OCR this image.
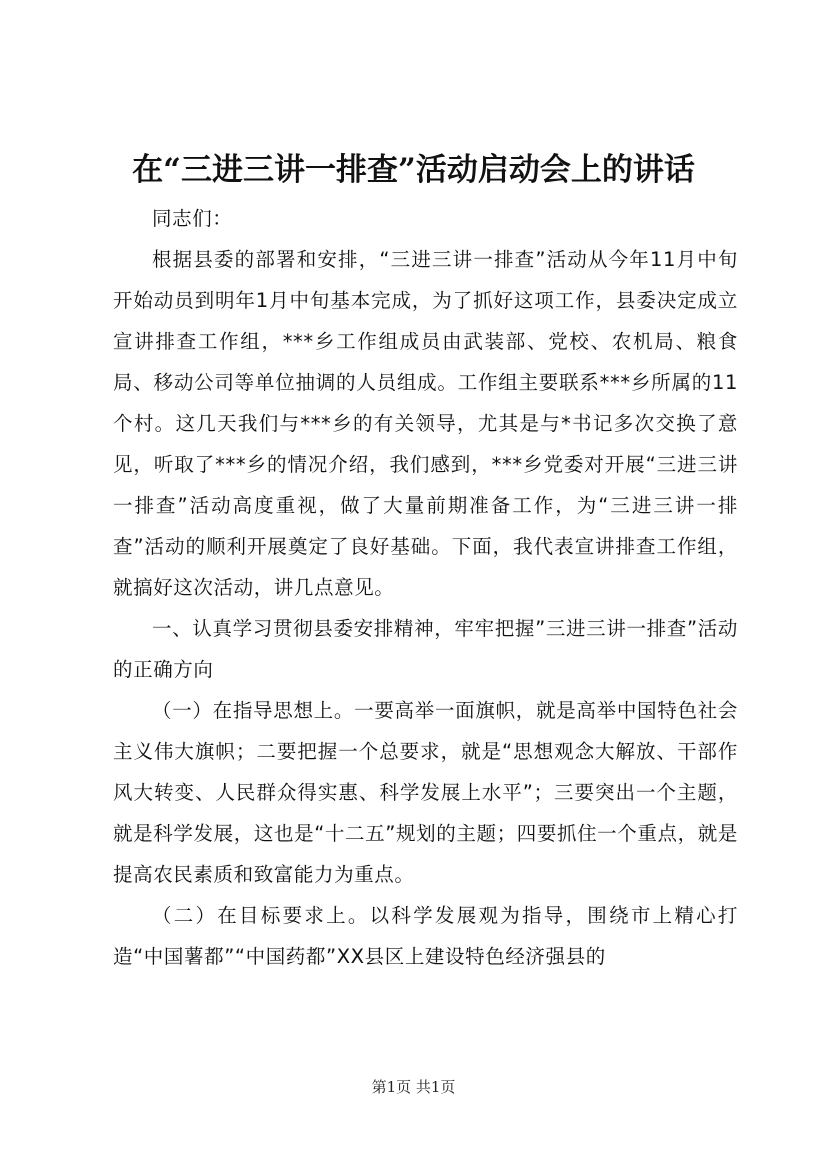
在“三进三讲一排查”活动启动会上的讲话

同志们：

根据县委的部署和安排，“三进三讲一排查”活动从今年11月中旬开始动员到明年1月中旬基本完成，为了抓好这项工作，县委决定成立宣讲排查工作组，***乡工作组成员由武装部、党校、农机局、粮食局、移动公司等单位抽调的人员组成。工作组主要联系***乡所属的11个村。这几天我们与***乡的有关领导，尤其是与*书记多次交换了意见，听取了***乡的情况介绍，我们感到，***乡党委对开展“三进三讲一排查”活动高度重视，做了大量前期准备工作，为“三进三讲一排查”活动的顺利开展奠定了良好基础。下面，我代表宣讲排查工作组，就搞好这次活动，讲几点意见。

一、认真学习贯彻县委安排精神，牢牢把握”三进三讲一排查”活动的正确方向

（一）在指导思想上。一要高举一面旗帜，就是高举中国特色社会主义伟大旗帜；二要把握一个总要求，就是“思想观念大解放、干部作风大转变、人民群众得实惠、科学发展上水平”；三要突出一个主题，就是科学发展，这也是“十二五”规划的主题；四要抓住一个重点，就是提高农民素质和致富能力为重点。

（二）在目标要求上。以科学发展观为指导，围绕市上精心打造“中国薯都”“中国药都”XX县区上建设特色经济强县的

第1页 共1页
